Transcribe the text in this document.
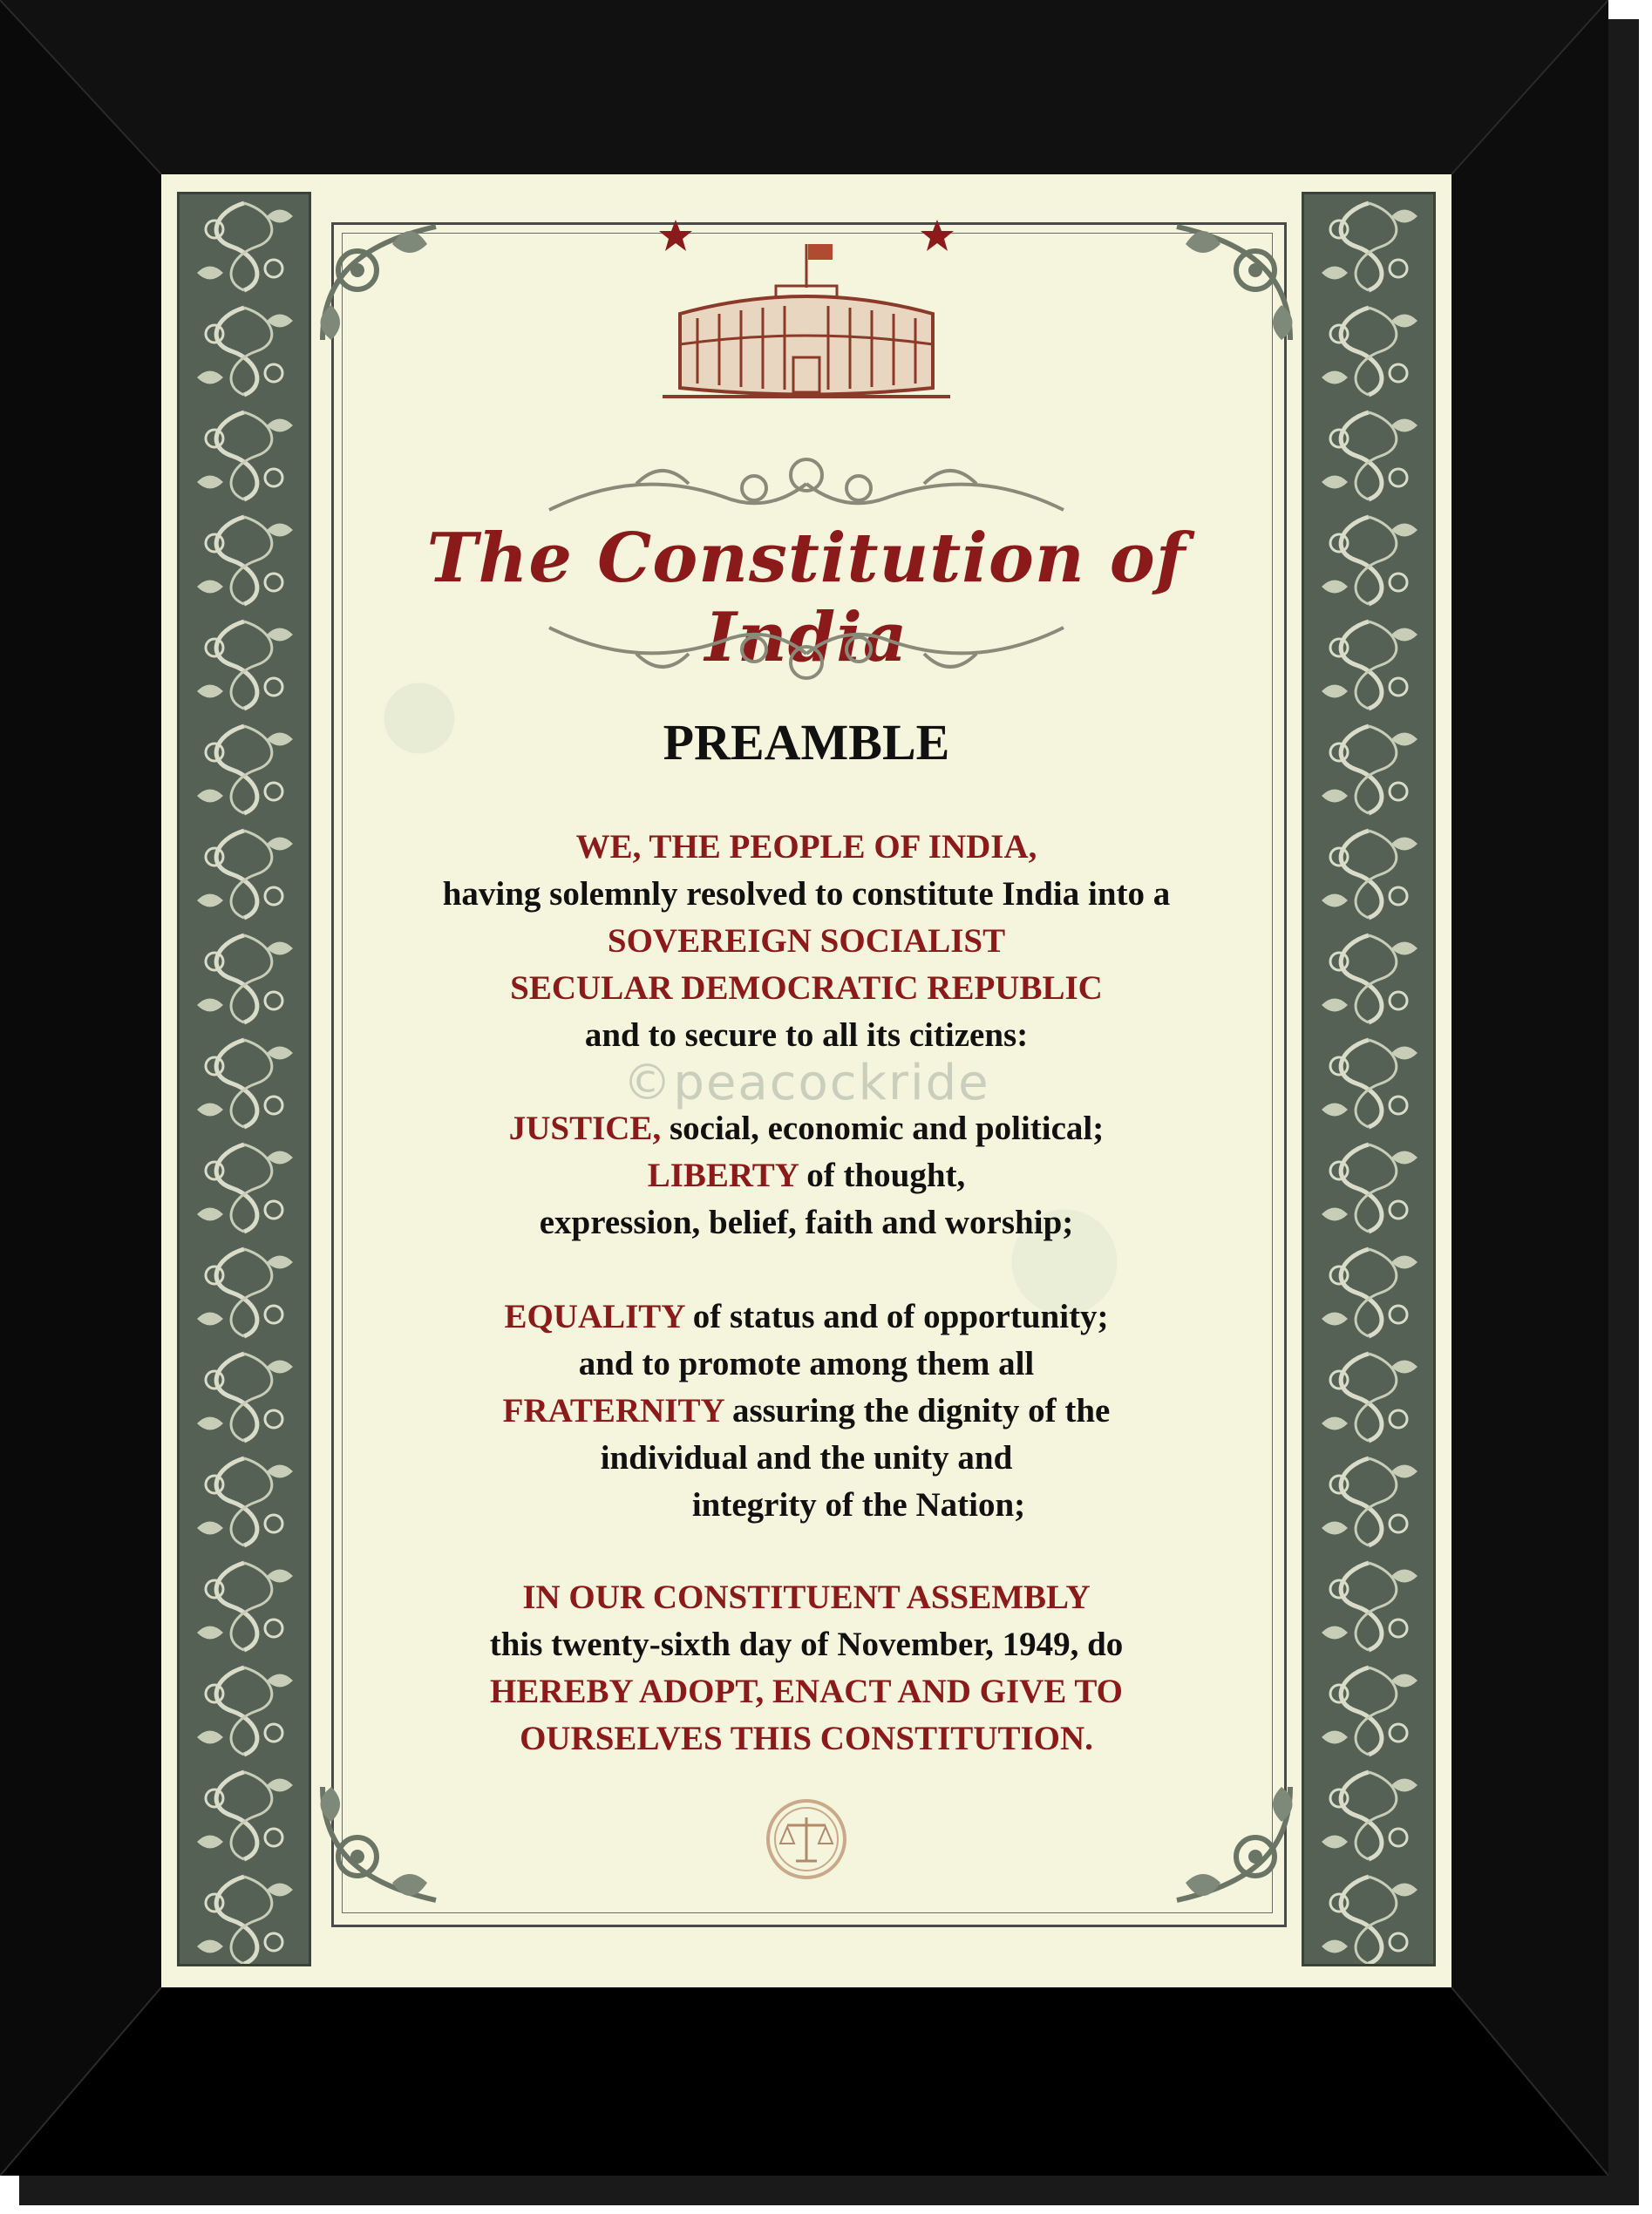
The Constitution of India
PREAMBLE
WE, THE PEOPLE OF INDIA,
having solemnly resolved to constitute India into a
SOVEREIGN SOCIALIST
SECULAR DEMOCRATIC REPUBLIC
and to secure to all its citizens:
©peacockride
JUSTICE, social, economic and political;
LIBERTY of thought,
expression, belief, faith and worship;
EQUALITY of status and of opportunity;
and to promote among them all
FRATERNITY assuring the dignity of the
individual and the unity and
integrity of the Nation;
IN OUR CONSTITUENT ASSEMBLY
this twenty-sixth day of November, 1949, do
HEREBY ADOPT, ENACT AND GIVE TO
OURSELVES THIS CONSTITUTION.
